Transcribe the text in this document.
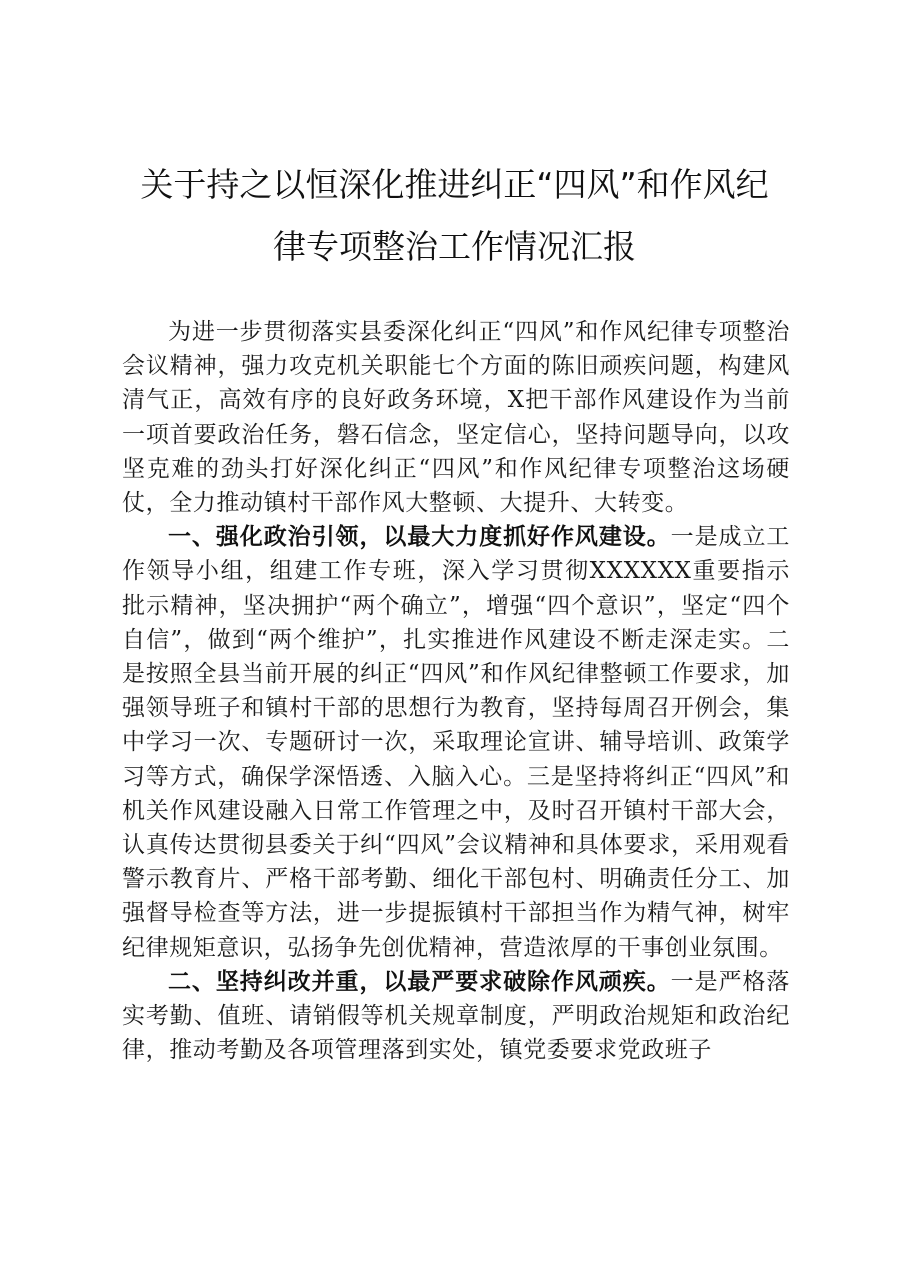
关于持之以恒深化推进纠正“四风”和作风纪
律专项整治工作情况汇报

为进一步贯彻落实县委深化纠正“四风”和作风纪律专项整治会议精神，强力攻克机关职能七个方面的陈旧顽疾问题，构建风清气正，高效有序的良好政务环境，X把干部作风建设作为当前一项首要政治任务，磐石信念，坚定信心，坚持问题导向，以攻坚克难的劲头打好深化纠正“四风”和作风纪律专项整治这场硬仗，全力推动镇村干部作风大整顿、大提升、大转变。

一、强化政治引领，以最大力度抓好作风建设。一是成立工作领导小组，组建工作专班，深入学习贯彻XXXXXX重要指示批示精神，坚决拥护“两个确立”，增强“四个意识”，坚定“四个自信”，做到“两个维护”，扎实推进作风建设不断走深走实。二是按照全县当前开展的纠正“四风”和作风纪律整顿工作要求，加强领导班子和镇村干部的思想行为教育，坚持每周召开例会，集中学习一次、专题研讨一次，采取理论宣讲、辅导培训、政策学习等方式，确保学深悟透、入脑入心。三是坚持将纠正“四风”和机关作风建设融入日常工作管理之中，及时召开镇村干部大会，认真传达贯彻县委关于纠“四风”会议精神和具体要求，采用观看警示教育片、严格干部考勤、细化干部包村、明确责任分工、加强督导检查等方法，进一步提振镇村干部担当作为精气神，树牢纪律规矩意识，弘扬争先创优精神，营造浓厚的干事创业氛围。

二、坚持纠改并重，以最严要求破除作风顽疾。一是严格落实考勤、值班、请销假等机关规章制度，严明政治规矩和政治纪律，推动考勤及各项管理落到实处，镇党委要求党政班子
